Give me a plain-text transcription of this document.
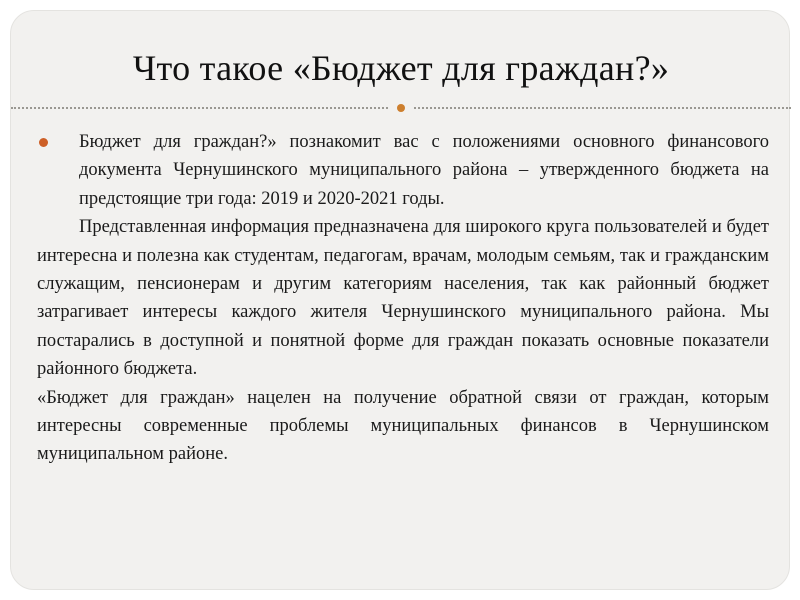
Что такое «Бюджет для граждан?»

Бюджет для граждан?» познакомит вас с положениями основного финансового документа Чернушинского муниципального района – утвержденного бюджета на предстоящие три года: 2019 и 2020-2021 годы.

Представленная информация предназначена для широкого круга пользователей и будет интересна и полезна как студентам, педагогам, врачам, молодым семьям, так и гражданским служащим, пенсионерам и другим категориям населения, так как районный бюджет затрагивает интересы каждого жителя Чернушинского муниципального района. Мы постарались в доступной и понятной форме для граждан показать основные показатели районного бюджета.

«Бюджет для граждан» нацелен на получение обратной связи от граждан, которым интересны современные проблемы муниципальных финансов в Чернушинском муниципальном районе.
